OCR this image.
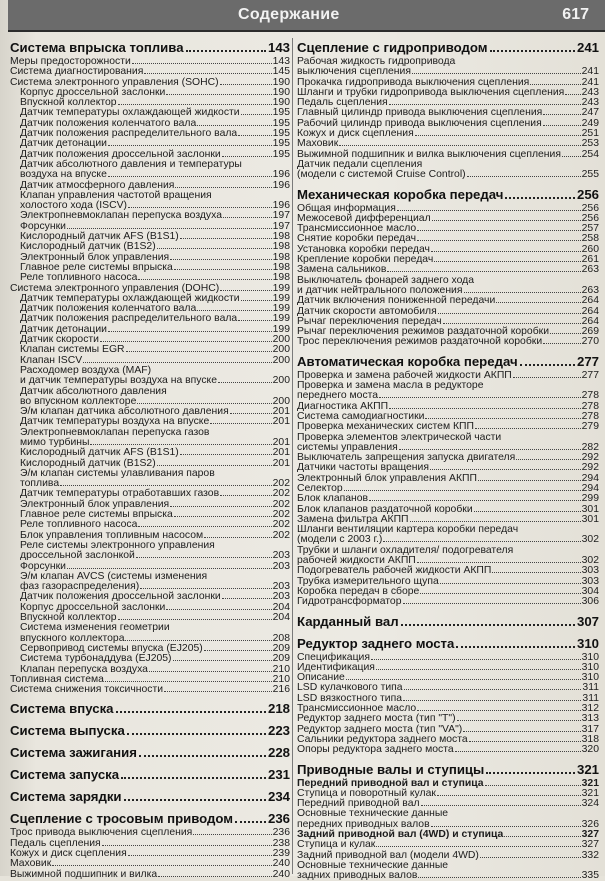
Содержание	617
Система впрыска топлива	143
Меры предосторожности	143
Система диагностирования	145
Система электронного управления (SOHC)	190
Корпус дроссельной заслонки	190
Впускной коллектор	190
Датчик температуры охлаждающей жидкости	195
Датчик положения коленчатого вала	195
Датчик положения распределительного вала	195
Датчик детонации	195
Датчик положения дроссельной заслонки	195
Датчик абсолютного давления и температуры
воздуха на впуске	196
Датчик атмосферного давления	196
Клапан управления частотой вращения
холостого хода (ISCV)	196
Электропневмоклапан перепуска воздуха	197
Форсунки	197
Кислородный датчик AFS (B1S1)	198
Кислородный датчик (B1S2)	198
Электронный блок управления	198
Главное реле системы впрыска	198
Реле топливного насоса	198
Система электронного управления (DOHC)	199
Датчик температуры охлаждающей жидкости	199
Датчик положения коленчатого вала	199
Датчик положения распределительного вала	199
Датчик детонации	199
Датчик скорости	200
Клапан системы EGR	200
Клапан ISCV	200
Расходомер воздуха (MAF)
и датчик температуры воздуха на впуске	200
Датчик абсолютного давления
во впускном коллекторе	200
Э/м клапан датчика абсолютного давления	201
Датчик температуры воздуха на впуске	201
Электропневмоклапан перепуска газов
мимо турбины	201
Кислородный датчик AFS (B1S1)	201
Кислородный датчик (B1S2)	201
Э/м клапан системы улавливания паров
топлива	202
Датчик температуры отработавших газов	202
Электронный блок управления	202
Главное реле системы впрыска	202
Реле топливного насоса	202
Блок управления топливным насосом	202
Реле системы электронного управления
дроссельной заслонкой	203
Форсунки	203
Э/м клапан AVCS (системы изменения
фаз газораспределения)	203
Датчик положения дроссельной заслонки	203
Корпус дроссельной заслонки	204
Впускной коллектор	204
Система изменения геометрии
впускного коллектора	208
Сервопривод системы впуска (EJ205)	209
Система турбонаддува (EJ205)	209
Клапан перепуска воздуха	210
Топливная система	210
Система снижения токсичности	216
Система впуска	218
Система выпуска	223
Система зажигания	228
Система запуска	231
Система зарядки	234
Сцепление с тросовым приводом	236
Трос привода выключения сцепления	236
Педаль сцепления	238
Кожух и диск сцепления	239
Маховик	240
Выжимной подшипник и вилка	240
Сцепление с гидроприводом	241
Рабочая жидкость гидропривода
выключения сцепления	241
Прокачка гидропривода выключения сцепления	241
Шланги и трубки гидропривода выключения сцепления 243
Педаль сцепления	243
Главный цилиндр привода выключения сцепления	247
Рабочий цилиндр привода выключения сцепления	249
Кожух и диск сцепления	251
Маховик	253
Выжимной подшипник и вилка выключения сцепления 254
Датчик педали сцепления
(модели с системой Cruise Control)	255
Механическая коробка передач	256
Общая информация	256
Межосевой дифференциал	256
Трансмиссионное масло	257
Снятие коробки передач	258
Установка коробки передач	260
Крепление коробки передач	261
Замена сальников	263
Выключатель фонарей заднего хода
и датчик нейтрального положения	263
Датчик включения пониженной передачи	264
Датчик скорости автомобиля	264
Рычаг переключения передач	264
Рычаг переключения режимов раздаточной коробки	269
Трос переключения режимов раздаточной коробки	270
Автоматическая коробка передач	277
Проверка и замена рабочей жидкости АКПП	277
Проверка и замена масла в редукторе
переднего моста	278
Диагностика АКПП	278
Система самодиагностики	278
Проверка механических систем КПП	279
Проверка элементов электрической части
системы управления	282
Выключатель запрещения запуска двигателя	292
Датчики частоты вращения	292
Электронный блок управления АКПП	294
Селектор	294
Блок клапанов	299
Блок клапанов раздаточной коробки	301
Замена фильтра АКПП	301
Шланги вентиляции картера коробки передач
(модели с 2003 г.)	302
Трубки и шланги охладителя/ подогревателя
рабочей жидкости АКПП	302
Подогреватель рабочей жидкости АКПП	303
Трубка измерительного щупа	303
Коробка передач в сборе	304
Гидротрансформатор	306
Карданный вал	307
Редуктор заднего моста	310
Спецификация	310
Идентификация	310
Описание	310
LSD кулачкового типа	311
LSD вязкостного типа	311
Трансмиссионное масло	312
Редуктор заднего моста (тип "T")	313
Редуктор заднего моста (тип "VA")	317
Сальники редуктора заднего моста	318
Опоры редуктора заднего моста	320
Приводные валы и ступицы	321
Передний приводной вал и ступица	321
Ступица и поворотный кулак	321
Передний приводной вал	324
Основные технические данные
передних приводных валов	326
Задний приводной вал (4WD) и ступица	327
Ступица и кулак	327
Задний приводной вал (модели 4WD)	332
Основные технические данные
задних приводных валов	335
